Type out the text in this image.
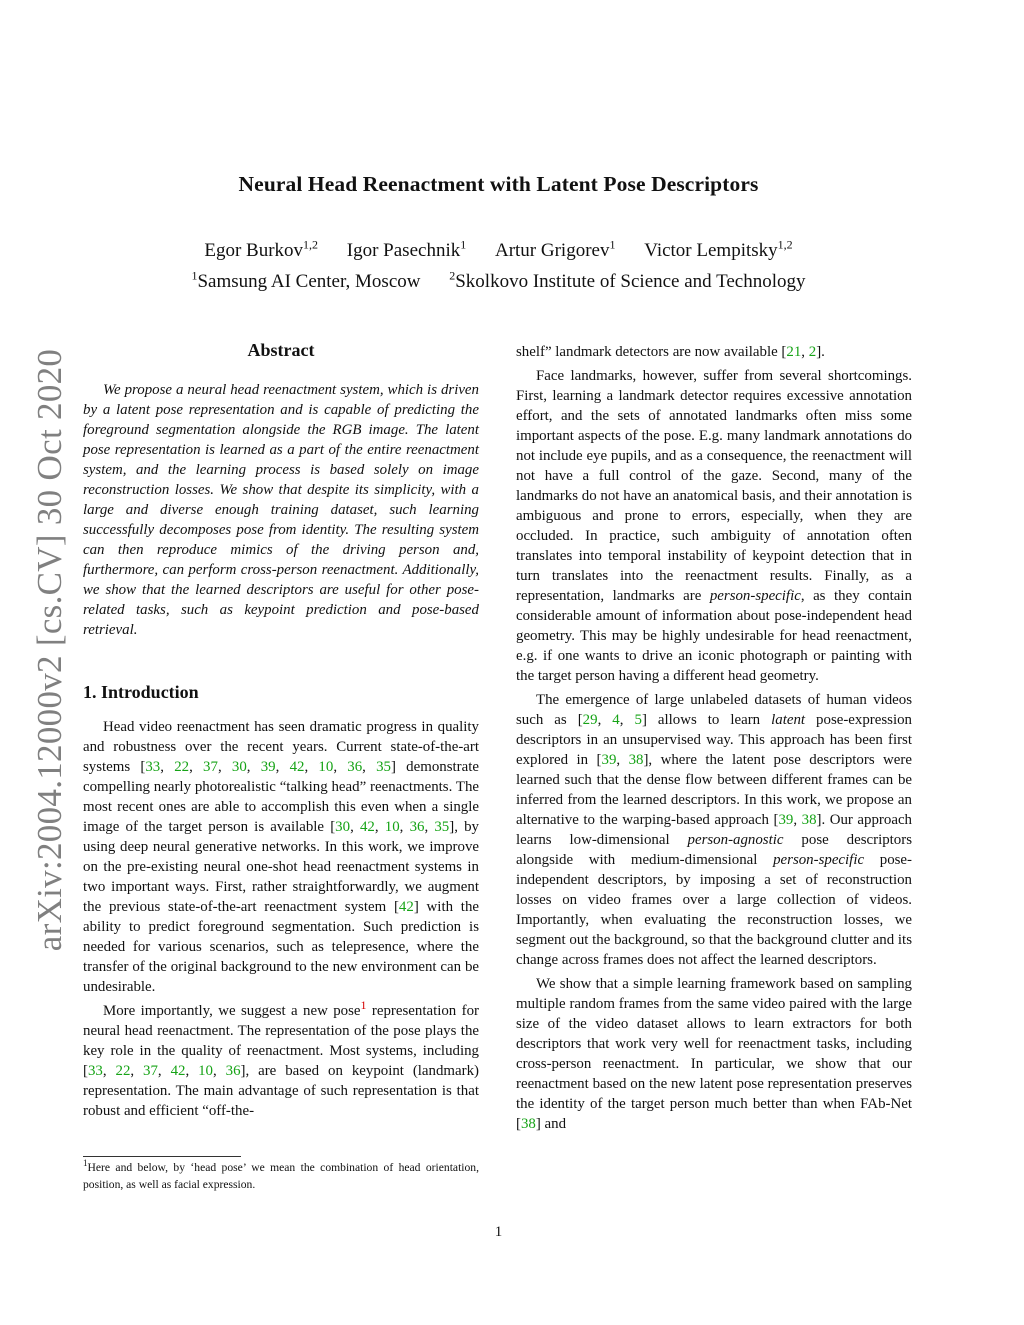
Neural Head Reenactment with Latent Pose Descriptors
Egor Burkov$^{1,2}$ Igor Pasechnik$^1$ Artur Grigorev$^1$ Victor Lempitsky$^{1,2}$
$^1$Samsung AI Center, Moscow $^2$Skolkovo Institute of Science and Technology
arXiv:2004.12000v2 [cs.CV] 30 Oct 2020	Abstract

We propose a neural head reenactment system, which is driven by a latent pose representation and is capable of predicting the foreground segmentation alongside the RGB image. The latent pose representation is learned as a part of the entire reenactment system, and the learning process is based solely on image reconstruction losses. We show that despite its simplicity, with a large and diverse enough training dataset, such learning successfully decomposes pose from identity. The resulting system can then reproduce mimics of the driving person and, furthermore, can perform cross-person reenactment. Additionally, we show that the learned descriptors are useful for other pose-related tasks, such as keypoint prediction and pose-based retrieval.

1. Introduction

Head video reenactment has seen dramatic progress in quality and robustness over the recent years. Current state-of-the-art systems [33, 22, 37, 30, 39, 42, 10, 36, 35] demonstrate compelling nearly photorealistic “talking head” reenactments. The most recent ones are able to accomplish this even when a single image of the target person is available [30, 42, 10, 36, 35], by using deep neural generative networks. In this work, we improve on the pre-existing neural one-shot head reenactment systems in two important ways. First, rather straightforwardly, we augment the previous state-of-the-art reenactment system [42] with the ability to predict foreground segmentation. Such prediction is needed for various scenarios, such as telepresence, where the transfer of the original background to the new environment can be undesirable.

More importantly, we suggest a new pose$^1$ representation for neural head reenactment. The representation of the pose plays the key role in the quality of reenactment. Most systems, including [33, 22, 37, 42, 10, 36], are based on keypoint (landmark) representation. The main advantage of such representation is that robust and efficient “off-the-

$^1$Here and below, by ‘head pose’ we mean the combination of head orientation, position, as well as facial expression.

shelf” landmark detectors are now available [21, 2].

Face landmarks, however, suffer from several shortcomings. First, learning a landmark detector requires excessive annotation effort, and the sets of annotated landmarks often miss some important aspects of the pose. E.g. many landmark annotations do not include eye pupils, and as a consequence, the reenactment will not have a full control of the gaze. Second, many of the landmarks do not have an anatomical basis, and their annotation is ambiguous and prone to errors, especially, when they are occluded. In practice, such ambiguity of annotation often translates into temporal instability of keypoint detection that in turn translates into the reenactment results. Finally, as a representation, landmarks are person-specific, as they contain considerable amount of information about pose-independent head geometry. This may be highly undesirable for head reenactment, e.g. if one wants to drive an iconic photograph or painting with the target person having a different head geometry.

The emergence of large unlabeled datasets of human videos such as [29, 4, 5] allows to learn latent pose-expression descriptors in an unsupervised way. This approach has been first explored in [39, 38], where the latent pose descriptors were learned such that the dense flow between different frames can be inferred from the learned descriptors. In this work, we propose an alternative to the warping-based approach [39, 38]. Our approach learns low-dimensional person-agnostic pose descriptors alongside with medium-dimensional person-specific pose-independent descriptors, by imposing a set of reconstruction losses on video frames over a large collection of videos. Importantly, when evaluating the reconstruction losses, we segment out the background, so that the background clutter and its change across frames does not affect the learned descriptors.

We show that a simple learning framework based on sampling multiple random frames from the same video paired with the large size of the video dataset allows to learn extractors for both descriptors that work very well for reenactment tasks, including cross-person reenactment. In particular, we show that our reenactment based on the new latent pose representation preserves the identity of the target person much better than when FAb-Net [38] and

1
